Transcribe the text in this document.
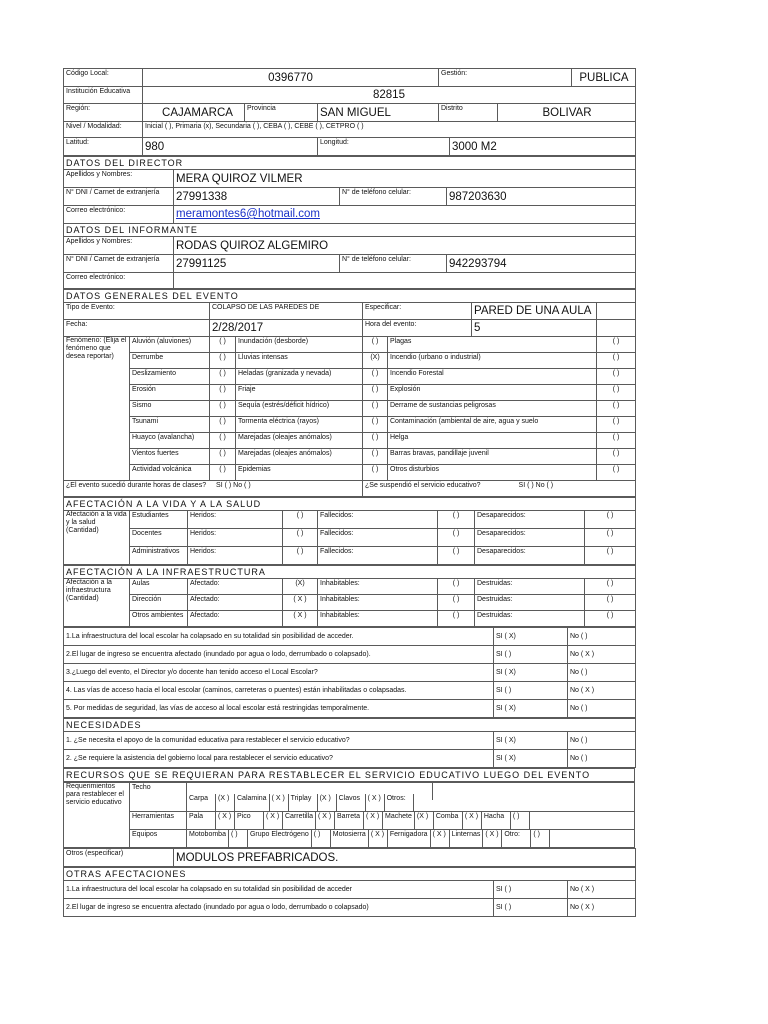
Código Local:	0396770		Gestión:	PUBLICA

Institución Educativa	82815
Región:	CAJAMARCA	Provincia	SAN MIGUEL		Distrito	BOLIVAR

Nivel / Modalidad:	Inicial ( ), Primaria (x), Secundaria ( ), CEBA ( ), CEBE ( ), CETPRO ( )
Latitud:	980	Longitud:	3000 M2
DATOS DEL DIRECTOR			
Apellidos y Nombres:	MERA QUIROZ VILMER		
N° DNI / Carnet de extranjería	27991338	N° de teléfono celular:	987203630
Correo electrónico:	meramontes6@hotmail.com		
DATOS DEL INFORMANTE			
Apellidos y Nombres:	RODAS QUIROZ ALGEMIRO		
N° DNI / Carnet de extranjería	27991125	N° de teléfono celular:	942293794
Correo electrónico:			
DATOS GENERALES DEL EVENTO
Tipo de Evento:	COLAPSO DE LAS PAREDES DE		Especificar:	PARED DE UNA AULA

Fecha:	2/28/2017		Hora del evento:	5

Fenómeno: (Elija el fenómeno que desea reportar)	Aluvión (aluviones)	( )	Inundación (desborde)	( )	Plagas	( )
Derrumbe	( )	Lluvias intensas	(X)	Incendio (urbano o industrial)	( )
Deslizamiento	( )	Heladas (granizada y nevada)	( )	Incendio Forestal	( )
Erosión	( )	Friaje	( )	Explosión	( )
Sismo	( )	Sequía (estrés/déficit hídrico)	( )	Derrame de sustancias peligrosas	( )
Tsunami	( )	Tormenta eléctrica (rayos)	( )	Contaminación (ambiental de aire, agua y suelo	( )
Huayco (avalancha)	( )	Marejadas (oleajes anómalos)	( )	Helga	( )
Vientos fuertes	( )	Marejadas (oleajes anómalos)	( )	Barras bravas, pandillaje juvenil	( )
Actividad volcánica	( )	Epidemias	( )	Otros disturbios	( )
¿El evento sucedió durante horas de clases? SI ( ) No ( )	¿Se suspendió el servicio educativo?	SI ( ) No ( )
AFECTACIÓN A LA VIDA Y A LA SALUD							
Afectación a la vida y la salud (Cantidad)	Estudiantes	Heridos:	( )	Fallecidos:	( )	Desaparecidos:	( )
	Docentes	Heridos:	( )	Fallecidos:	( )	Desaparecidos:	( )
	Administrativos	Heridos:	( )	Fallecidos:	( )	Desaparecidos:	( )
AFECTACIÓN A LA INFRAESTRUCTURA							
Afectación a la infraestructura (Cantidad)	Aulas	Afectado:	(X)	Inhabitables:	( )	Destruidas:	( )
	Dirección	Afectado:	( X )	Inhabitables:	( )	Destruidas:	( )
	Otros ambientes	Afectado:	( X )	Inhabitables:	( )	Destruidas:	( )
1.La infraestructura del local escolar ha colapsado en su totalidad sin posibilidad de acceder.	SI ( X)	No ( )
2.El lugar de ingreso se encuentra afectado (inundado por agua o lodo, derrumbado o colapsado).	SI ( )	No ( X )
3.¿Luego del evento, el Director y/o docente han tenido acceso el Local Escolar?	SI ( X)	No ( )
4. Las vías de acceso hacia el local escolar (caminos, carreteras o puentes) están inhabilitadas o colapsadas.	SI ( )	No ( X )
5. Por medidas de seguridad, las vías de acceso al local escolar está restringidas temporalmente.	SI ( X)	No ( )
NECESIDADES		
1. ¿Se necesita el apoyo de la comunidad educativa para restablecer el servicio educativo?	SI ( X)	No ( )
2. ¿Se requiere la asistencia del gobierno local para restablecer el servicio educativo?	SI ( X)	No ( )
RECURSOS QUE SE REQUIERAN PARA RESTABLECER EL SERVICIO EDUCATIVO LUEGO DEL EVENTO
Requerimientos para restablecer el servicio educativo	Techo	Carpa (X ) Calamina ( X ) Triplay (X ) Clavos ( X ) Otros:
	Herramientas	Pala ( X ) Pico ( X ) Carretilla ( X ) Barreta ( X ) Machete (X ) Comba ( X ) Hacha ( )
	Equipos	Motobomba ( ) Grupo Electrógeno ( ) Motosierra ( X ) Fernigadora ( X ) Linternas ( X ) Otro: ( )
Otros (especificar)	MODULOS PREFABRICADOS.
OTRAS AFECTACIONES		
1.La infraestructura del local escolar ha colapsado en su totalidad sin posibilidad de acceder	SI ( )	No ( X )
2.El lugar de ingreso se encuentra afectado (inundado por agua o lodo, derrumbado o colapsado)	SI ( )	No ( X )
